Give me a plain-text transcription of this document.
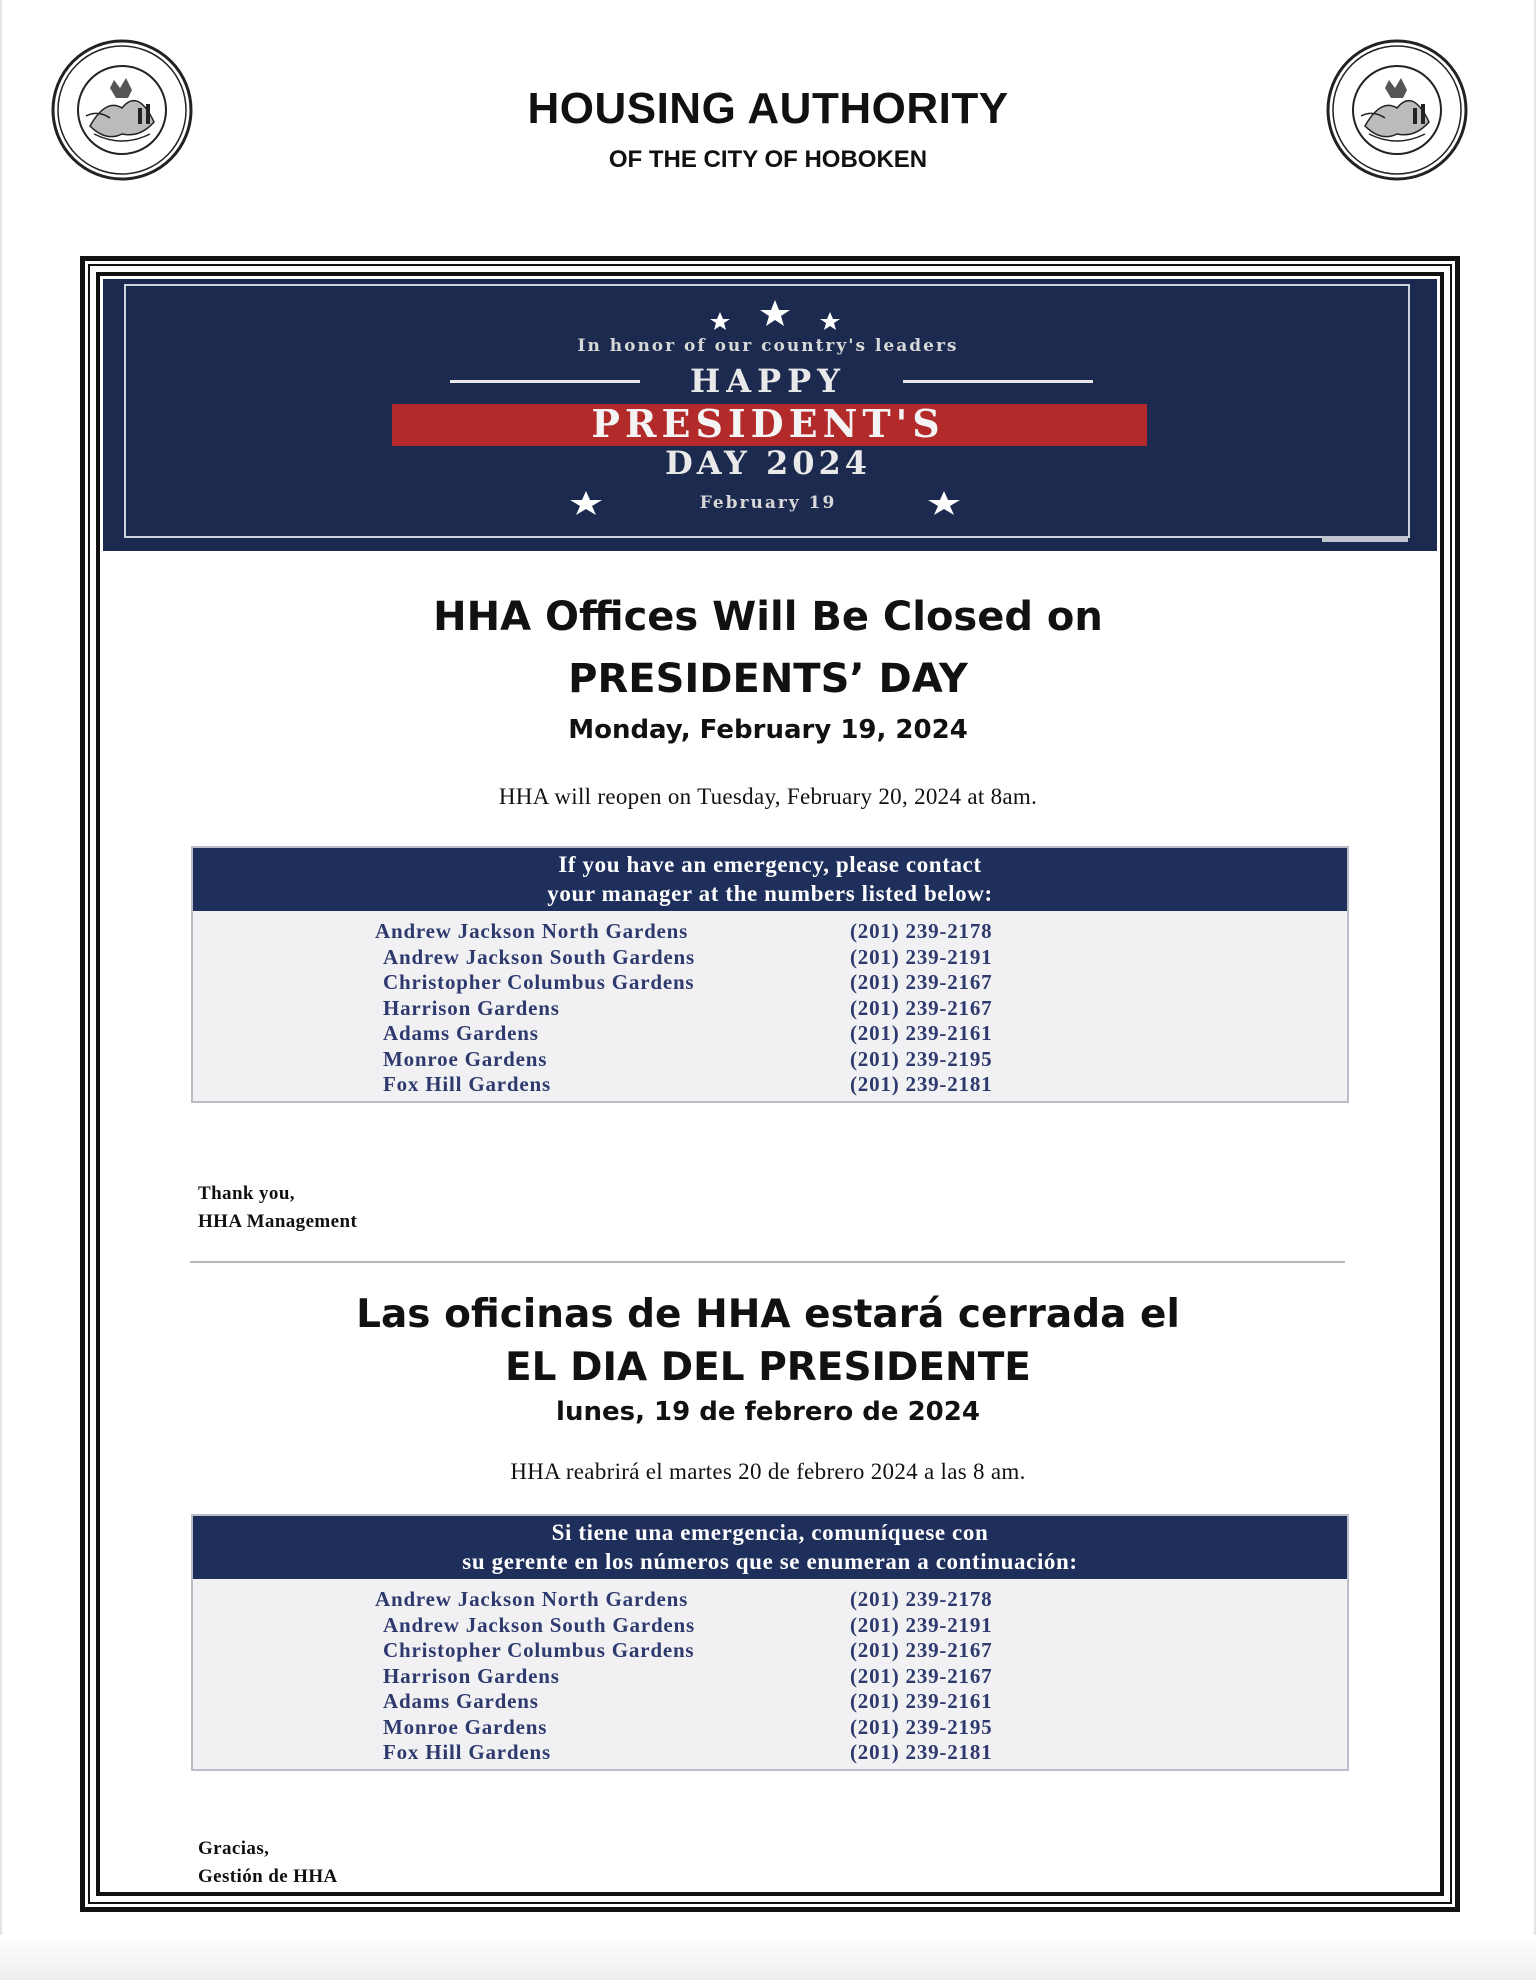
HOUSING AUTHORITY
OF THE CITY OF HOBOKEN
In honor of our country's leaders
HAPPY
PRESIDENT'S
DAY 2024
February 19
HHA Offices Will Be Closed on
PRESIDENTS’ DAY
Monday, February 19, 2024
HHA will reopen on Tuesday, February 20, 2024 at 8am.
If you have an emergency, please contact
your manager at the numbers listed below:
Andrew Jackson North Gardens	(201) 239-2178
Andrew Jackson South Gardens	(201) 239-2191
Christopher Columbus Gardens	(201) 239-2167
Harrison Gardens	(201) 239-2167
Adams Gardens	(201) 239-2161
Monroe Gardens	(201) 239-2195
Fox Hill Gardens	(201) 239-2181
Thank you,
HHA Management
Las oficinas de HHA estará cerrada el
EL DIA DEL PRESIDENTE
lunes, 19 de febrero de 2024
HHA reabrirá el martes 20 de febrero 2024 a las 8 am.
Si tiene una emergencia, comuníquese con
su gerente en los números que se enumeran a continuación:
Andrew Jackson North Gardens	(201) 239-2178
Andrew Jackson South Gardens	(201) 239-2191
Christopher Columbus Gardens	(201) 239-2167
Harrison Gardens	(201) 239-2167
Adams Gardens	(201) 239-2161
Monroe Gardens	(201) 239-2195
Fox Hill Gardens	(201) 239-2181
Gracias,
Gestión de HHA
